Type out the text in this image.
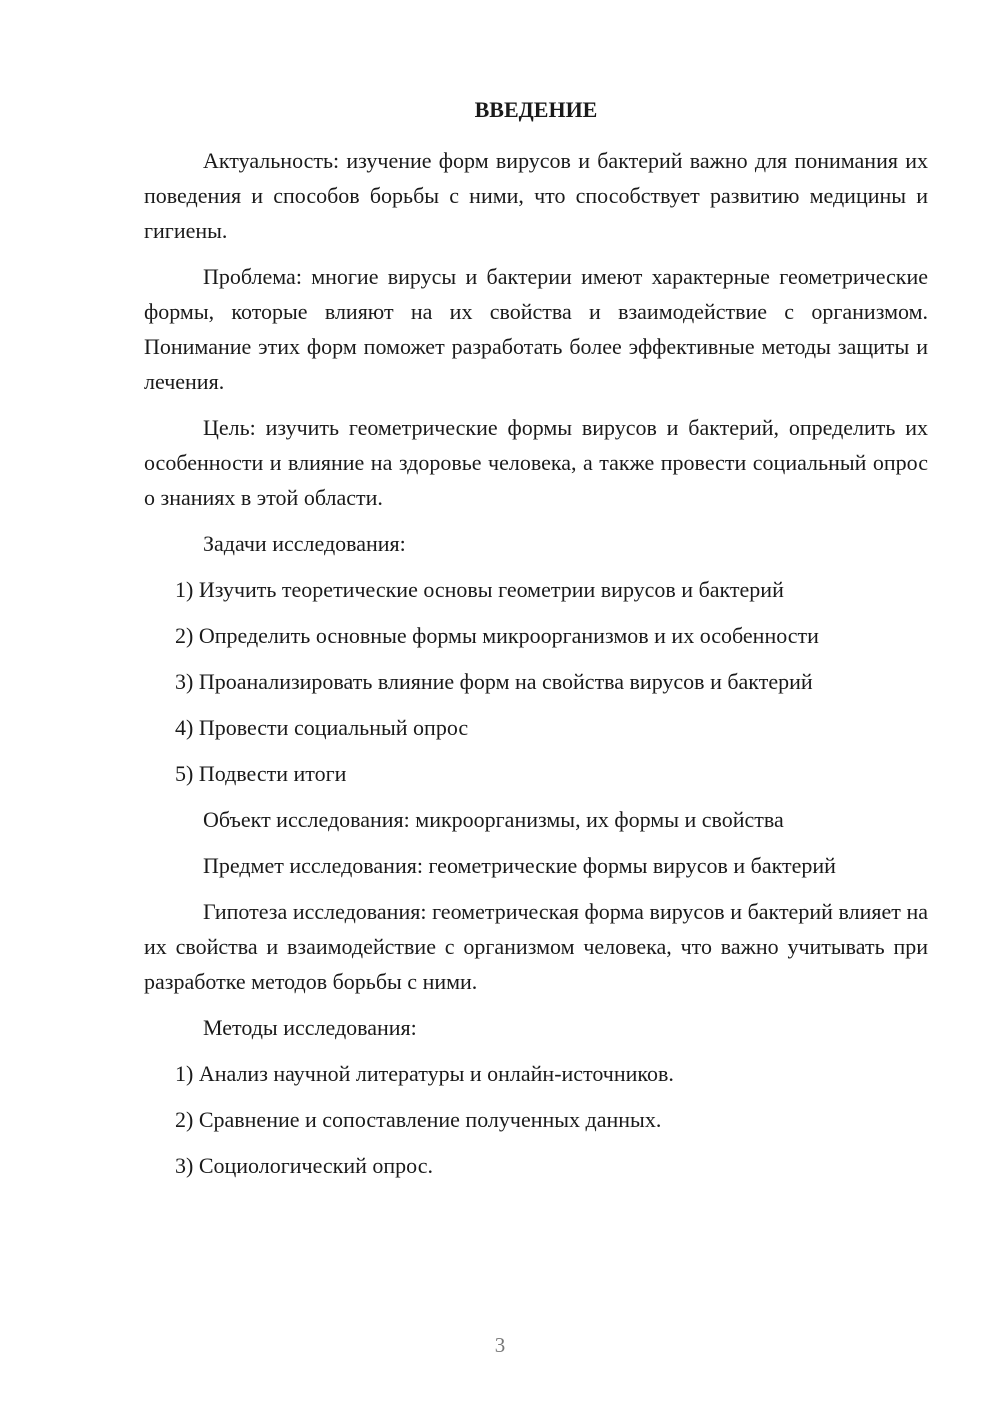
ВВЕДЕНИЕ

Актуальность: изучение форм вирусов и бактерий важно для понимания их поведения и способов борьбы с ними, что способствует развитию медицины и гигиены.

Проблема: многие вирусы и бактерии имеют характерные геометрические формы, которые влияют на их свойства и взаимодействие с организмом. Понимание этих форм поможет разработать более эффективные методы защиты и лечения.

Цель: изучить геометрические формы вирусов и бактерий, определить их особенности и влияние на здоровье человека, а также провести социальный опрос о знаниях в этой области.

Задачи исследования:

1) Изучить теоретические основы геометрии вирусов и бактерий
2) Определить основные формы микроорганизмов и их особенности
3) Проанализировать влияние форм на свойства вирусов и бактерий
4) Провести социальный опрос
5) Подвести итоги

Объект исследования: микроорганизмы, их формы и свойства

Предмет исследования: геометрические формы вирусов и бактерий

Гипотеза исследования: геометрическая форма вирусов и бактерий влияет на их свойства и взаимодействие с организмом человека, что важно учитывать при разработке методов борьбы с ними.

Методы исследования:

1) Анализ научной литературы и онлайн-источников.
2) Сравнение и сопоставление полученных данных.
3) Социологический опрос.
3
